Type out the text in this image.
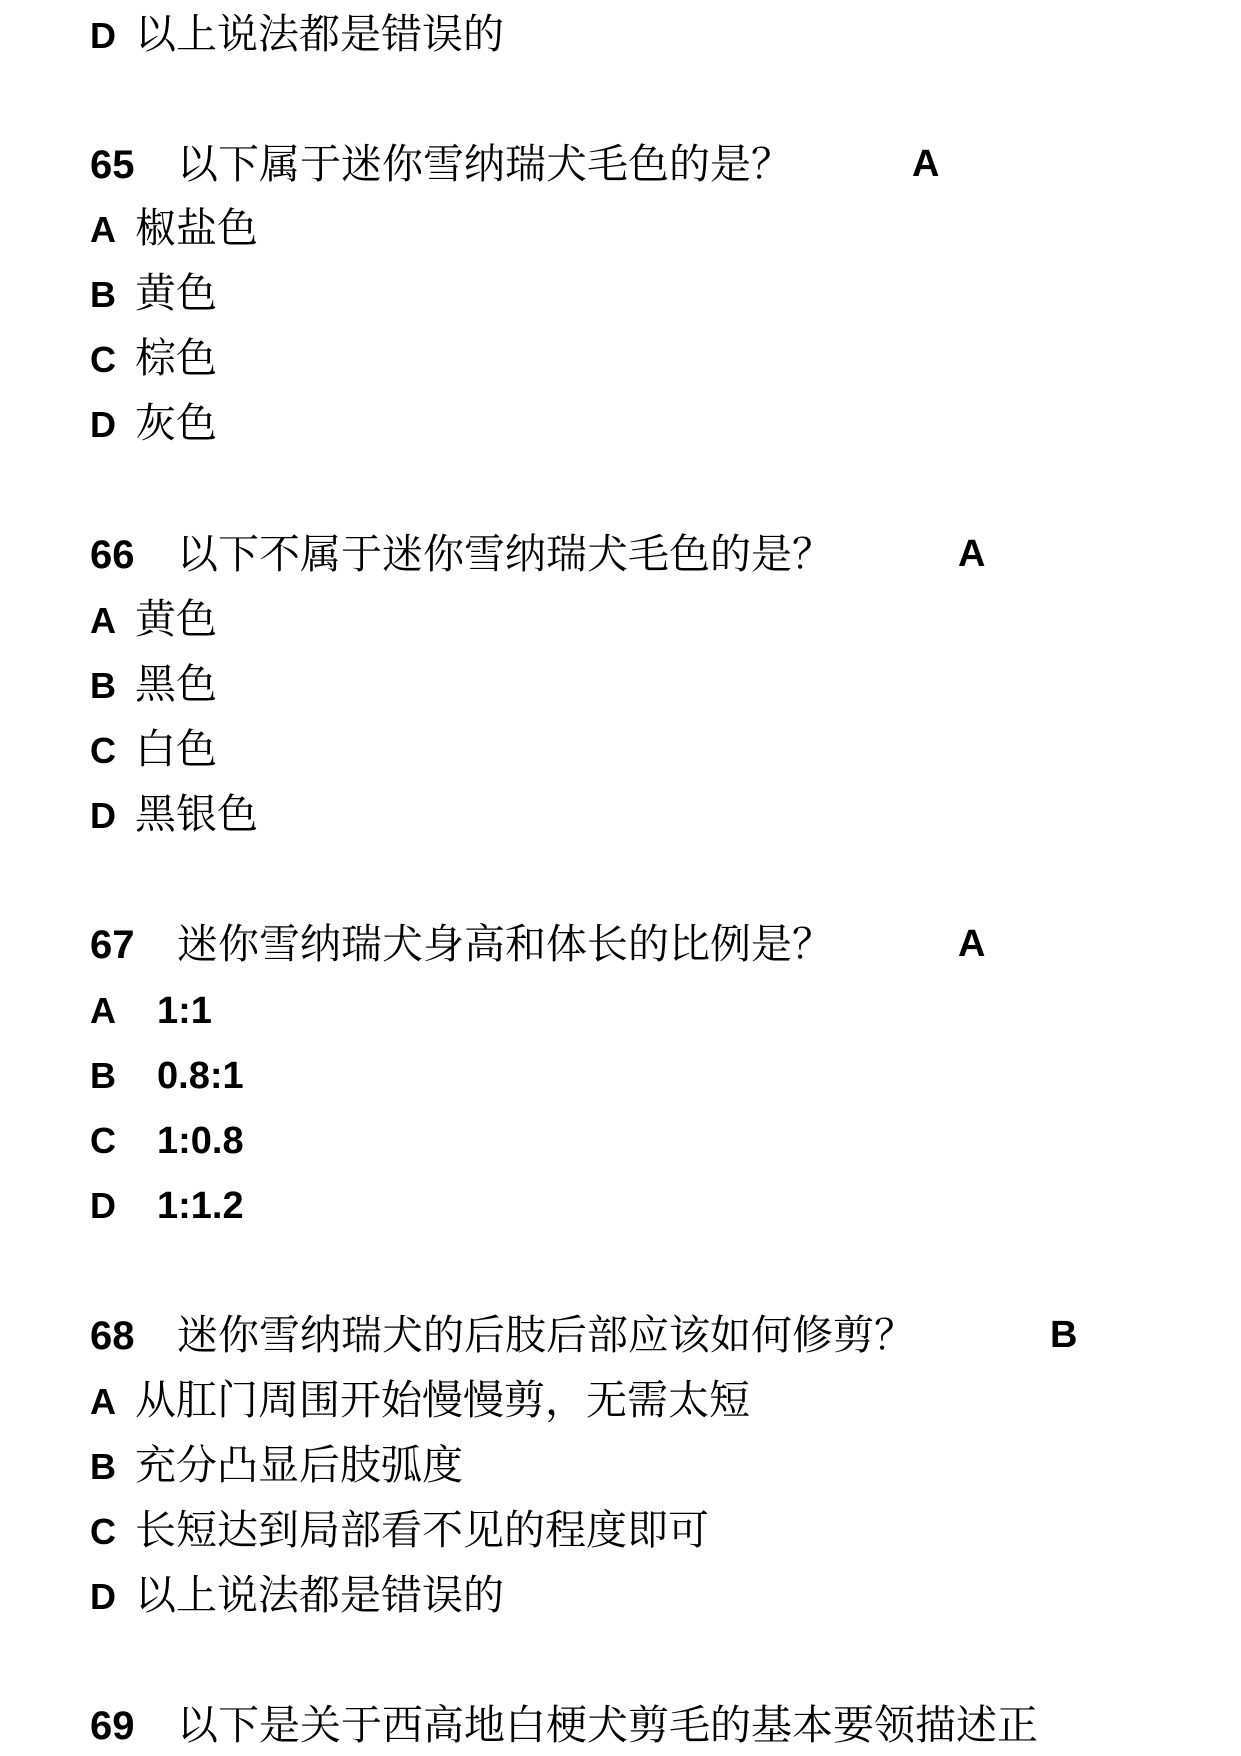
D 以上说法都是错误的
65 以下属于迷你雪纳瑞犬毛色的是？	A
A 椒盐色
B 黄色
C 棕色
D 灰色
66 以下不属于迷你雪纳瑞犬毛色的是？	A
A 黄色
B 黑色
C 白色
D 黑银色
67 迷你雪纳瑞犬身高和体长的比例是？	A
A 1:1
B 0.8:1
C 1:0.8
D 1:1.2
68 迷你雪纳瑞犬的后肢后部应该如何修剪？	B
A 从肛门周围开始慢慢剪，无需太短
B 充分凸显后肢弧度
C 长短达到局部看不见的程度即可
D 以上说法都是错误的
69 以下是关于西高地白梗犬剪毛的基本要领描述正
